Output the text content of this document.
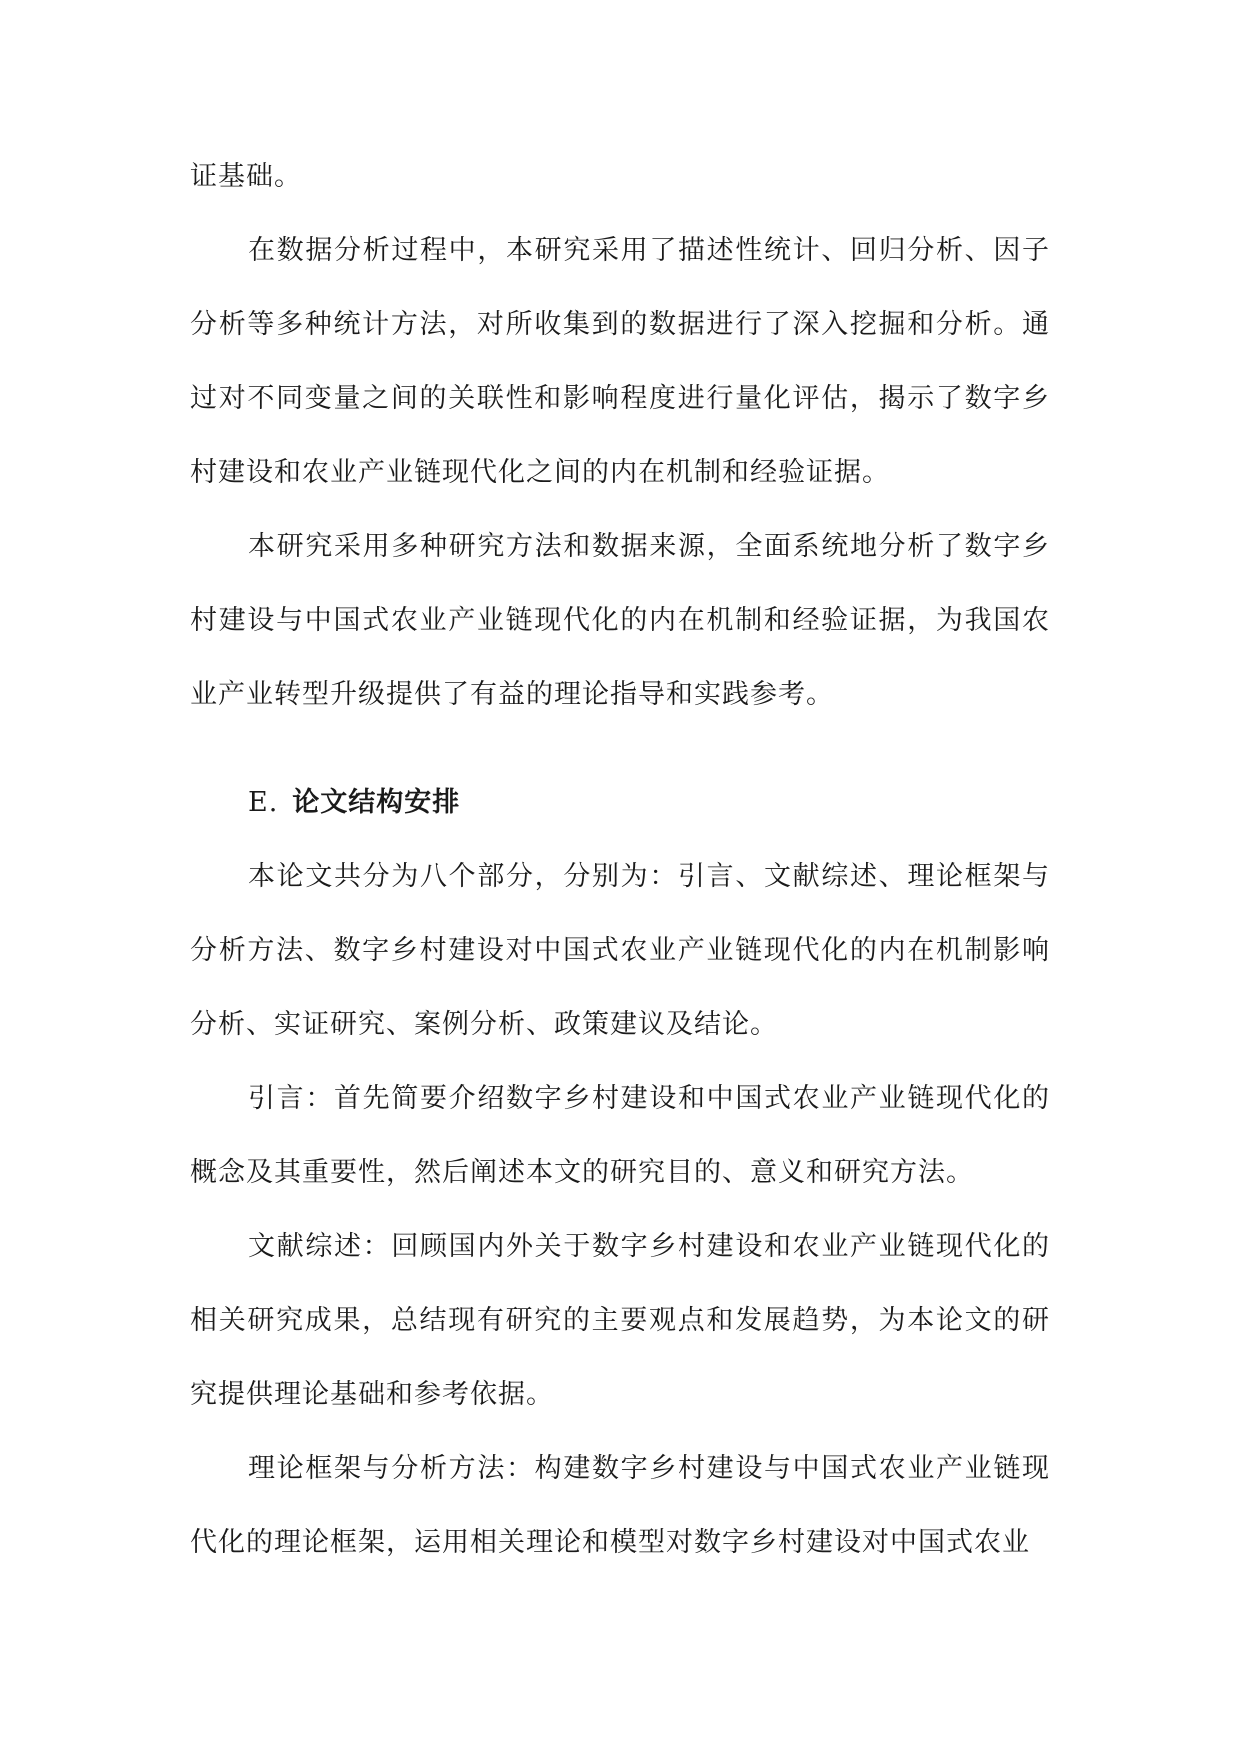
证基础。

在数据分析过程中，本研究采用了描述性统计、回归分析、因子分析等多种统计方法，对所收集到的数据进行了深入挖掘和分析。通过对不同变量之间的关联性和影响程度进行量化评估，揭示了数字乡村建设和农业产业链现代化之间的内在机制和经验证据。

本研究采用多种研究方法和数据来源，全面系统地分析了数字乡村建设与中国式农业产业链现代化的内在机制和经验证据，为我国农业产业转型升级提供了有益的理论指导和实践参考。

E. 论文结构安排

本论文共分为八个部分，分别为：引言、文献综述、理论框架与分析方法、数字乡村建设对中国式农业产业链现代化的内在机制影响分析、实证研究、案例分析、政策建议及结论。

引言：首先简要介绍数字乡村建设和中国式农业产业链现代化的概念及其重要性，然后阐述本文的研究目的、意义和研究方法。

文献综述：回顾国内外关于数字乡村建设和农业产业链现代化的相关研究成果，总结现有研究的主要观点和发展趋势，为本论文的研究提供理论基础和参考依据。

理论框架与分析方法：构建数字乡村建设与中国式农业产业链现代化的理论框架，运用相关理论和模型对数字乡村建设对中国式农业
